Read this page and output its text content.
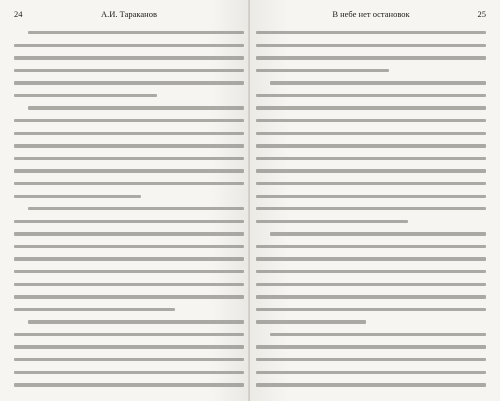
24	А.И. Тараканов	25
В небе нет остановок
